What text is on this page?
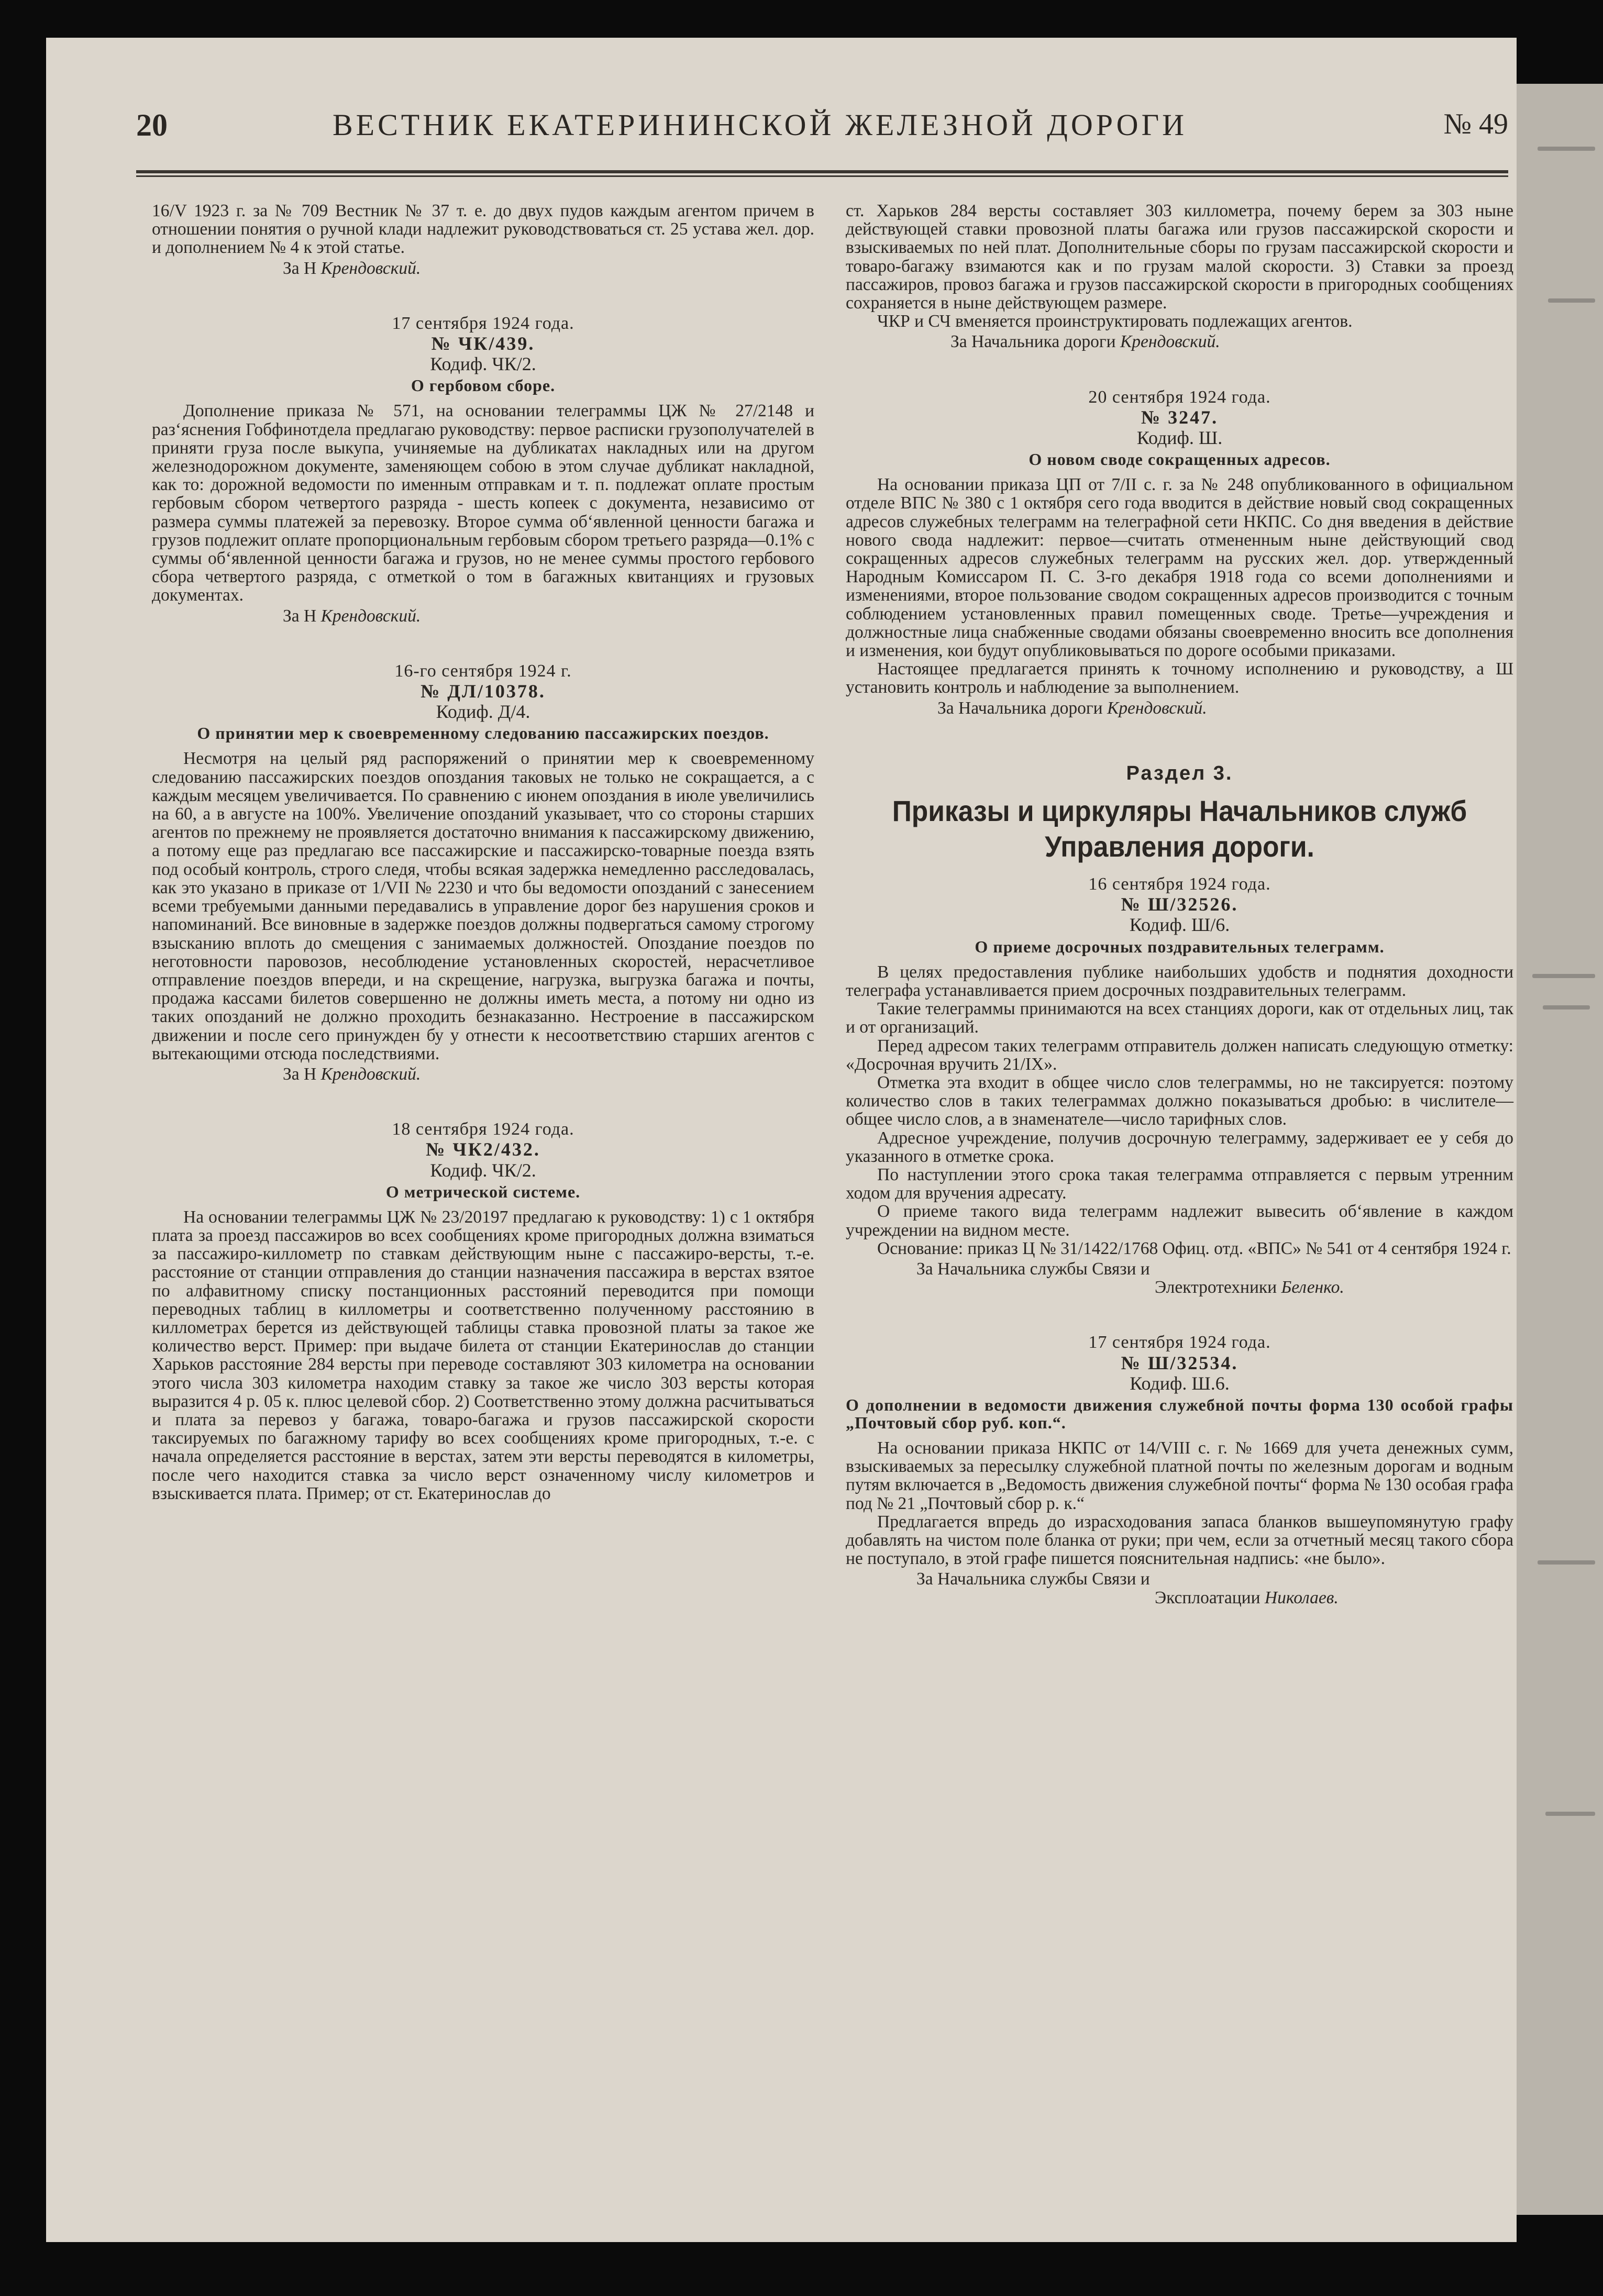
20	ВЕСТНИК ЕКАТЕРИНИНСКОЙ ЖЕЛЕЗНОЙ ДОРОГИ	№ 49

16/V 1923 г. за № 709 Вестник № 37 т. е. до двух пудов каждым агентом причем в отношении понятия о ручной клади надлежит руководствоваться ст. 25 устава жел. дор. и дополнением № 4 к этой статье.

За Н Крендовский.

17 сентября 1924 года.
№ ЧК/439.
Кодиф. ЧК/2.
О гербовом сборе.

Дополнение приказа № 571, на основании телеграммы ЦЖ № 27/2148 и раз‘яснения Гобфинотдела предлагаю руководству: первое расписки грузополучателей в приняти груза после выкупа, учиняемые на дубликатах накладных или на другом железнодорожном документе, заменяющем собою в этом случае дубликат накладной, как то: дорожной ведомости по именным отправкам и т. п. подлежат оплате простым гербовым сбором четвертого разряда - шесть копеек с документа, независимо от размера суммы платежей за перевозку. Второе сумма об‘явленной ценности багажа и грузов подлежит оплате пропорциональным гербовым сбором третьего разряда—0.1% с суммы об‘явленной ценности багажа и грузов, но не менее суммы простого гербового сбора четвертого разряда, с отметкой о том в багажных квитанциях и грузовых документах.

За Н Крендовский.

16-го сентября 1924 г.
№ ДЛ/10378.
Кодиф. Д/4.
О принятии мер к своевременному следованию пассажирских поездов.

Несмотря на целый ряд распоряжений о принятии мер к своевременному следованию пассажирских поездов опоздания таковых не только не сокращается, а с каждым месяцем увеличивается. По сравнению с июнем опоздания в июле увеличились на 60, а в августе на 100%. Увеличение опозданий указывает, что со стороны старших агентов по прежнему не проявляется достаточно внимания к пассажирскому движению, а потому еще раз предлагаю все пассажирские и пассажирско-товарные поезда взять под особый контроль, строго следя, чтобы всякая задержка немедленно расследовалась, как это указано в приказе от 1/VII № 2230 и что бы ведомости опозданий с занесением всеми требуемыми данными передавались в управление дорог без нарушения сроков и напоминаний. Все виновные в задержке поездов должны подвергаться самому строгому взысканию вплоть до смещения с занимаемых должностей. Опоздание поездов по неготовности паровозов, несоблюдение установленных скоростей, нерасчетливое отправление поездов впереди, и на скрещение, нагрузка, выгрузка багажа и почты, продажа кассами билетов совершенно не должны иметь места, а потому ни одно из таких опозданий не должно проходить безнаказанно. Нестроение в пассажирском движении и после сего принужден бу у отнести к несоответствию старших агентов с вытекающими отсюда последствиями.

За Н Крендовский.

18 сентября 1924 года.
№ ЧК2/432.
Кодиф. ЧК/2.
О метрической системе.

На основании телеграммы ЦЖ № 23/20197 предлагаю к руководству: 1) с 1 октября плата за проезд пассажиров во всех сообщениях кроме пригородных должна взиматься за пассажиро-киллометр по ставкам действующим ныне с пассажиро-версты, т.-е. расстояние от станции отправления до станции назначения пассажира в верстах взятое по алфавитному списку постанционных расстояний переводится при помощи переводных таблиц в киллометры и соответственно полученному расстоянию в киллометрах берется из действующей таблицы ставка провозной платы за такое же количество верст. Пример: при выдаче билета от станции Екатеринослав до станции Харьков расстояние 284 версты при переводе составляют 303 километра на основании этого числа 303 километра находим ставку за такое же число 303 версты которая выразится 4 р. 05 к. плюс целевой сбор. 2) Соответственно этому должна расчитываться и плата за перевоз у багажа, товаро-багажа и грузов пассажирской скорости таксируемых по багажному тарифу во всех сообщениях кроме пригородных, т.-е. с начала определяется расстояние в верстах, затем эти версты переводятся в километры, после чего находится ставка за число верст означенному числу километров и взыскивается плата. Пример; от ст. Екатеринослав до

ст. Харьков 284 версты составляет 303 киллометра, почему берем за 303 ныне действующей ставки провозной платы багажа или грузов пассажирской скорости и взыскиваемых по ней плат. Дополнительные сборы по грузам пассажирской скорости и товаро-багажу взимаются как и по грузам малой скорости. 3) Ставки за проезд пассажиров, провоз багажа и грузов пассажирской скорости в пригородных сообщениях сохраняется в ныне действующем размере.

ЧКР и СЧ вменяется проинструктировать подлежащих агентов.

За Начальника дороги Крендовский.

20 сентября 1924 года.
№ 3247.
Кодиф. Ш.
О новом своде сокращенных адресов.

На основании приказа ЦП от 7/II с. г. за № 248 опубликованного в официальном отделе ВПС № 380 с 1 октября сего года вводится в действие новый свод сокращенных адресов служебных телеграмм на телеграфной сети НКПС. Со дня введения в действие нового свода надлежит: первое—считать отмененным ныне действующий свод сокращенных адресов служебных телеграмм на русских жел. дор. утвержденный Народным Комиссаром П. С. 3-го декабря 1918 года со всеми дополнениями и изменениями, второе пользование сводом сокращенных адресов производится с точным соблюдением установленных правил помещенных своде. Третье—учреждения и должностные лица снабженные сводами обязаны своевременно вносить все дополнения и изменения, кои будут опубликовываться по дороге особыми приказами.

Настоящее предлагается принять к точному исполнению и руководству, а Ш установить контроль и наблюдение за выполнением.

За Начальника дороги Крендовский.

Раздел 3.
Приказы и циркуляры Начальников служб Управления дороги.
16 сентября 1924 года.
№ Ш/32526.
Кодиф. Ш/6.
О приеме досрочных поздравительных телеграмм.

В целях предоставления публике наибольших удобств и поднятия доходности телеграфа устанавливается прием досрочных поздравительных телеграмм.

Такие телеграммы принимаются на всех станциях дороги, как от отдельных лиц, так и от организаций.

Перед адресом таких телеграмм отправитель должен написать следующую отметку: «Досрочная вручить 21/IX».

Отметка эта входит в общее число слов телеграммы, но не таксируется: поэтому количество слов в таких телеграммах должно показываться дробью: в числителе—общее число слов, а в знаменателе—число тарифных слов.

Адресное учреждение, получив досрочную телеграмму, задерживает ее у себя до указанного в отметке срока.

По наступлении этого срока такая телеграмма отправляется с первым утренним ходом для вручения адресату.

О приеме такого вида телеграмм надлежит вывесить об‘явление в каждом учреждении на видном месте.

Основание: приказ Ц № 31/1422/1768 Офиц. отд. «ВПС» № 541 от 4 сентября 1924 г.

За Начальника службы Связи и

Электротехники Беленко.

17 сентября 1924 года.
№ Ш/32534.
Кодиф. Ш.6.
О дополнении в ведомости движения служебной почты форма 130 особой графы „Почтовый сбор руб. коп.“.

На основании приказа НКПС от 14/VIII с. г. № 1669 для учета денежных сумм, взыскиваемых за пересылку служебной платной почты по железным дорогам и водным путям включается в „Ведомость движения служебной почты“ форма № 130 особая графа под № 21 „Почтовый сбор р. к.“

Предлагается впредь до израсходования запаса бланков вышеупомянутую графу добавлять на чистом поле бланка от руки; при чем, если за отчетный месяц такого сбора не поступало, в этой графе пишется пояснительная надпись: «не было».

За Начальника службы Связи и

Эксплоатации Николаев.
